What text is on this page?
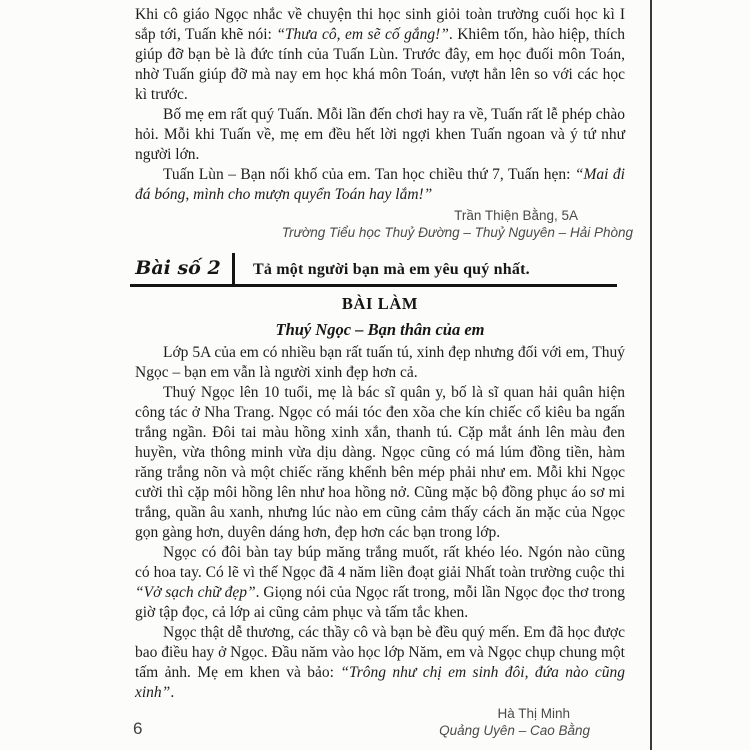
Khi cô giáo Ngọc nhắc về chuyện thi học sinh giỏi toàn trường cuối học kì I sắp tới, Tuấn khẽ nói: “Thưa cô, em sẽ cố gắng!”. Khiêm tốn, hào hiệp, thích giúp đỡ bạn bè là đức tính của Tuấn Lùn. Trước đây, em học đuối môn Toán, nhờ Tuấn giúp đỡ mà nay em học khá môn Toán, vượt hẳn lên so với các học kì trước.

Bố mẹ em rất quý Tuấn. Mỗi lần đến chơi hay ra về, Tuấn rất lễ phép chào hỏi. Mỗi khi Tuấn về, mẹ em đều hết lời ngợi khen Tuấn ngoan và ý tứ như người lớn.

Tuấn Lùn – Bạn nối khố của em. Tan học chiều thứ 7, Tuấn hẹn: “Mai đi đá bóng, mình cho mượn quyển Toán hay lắm!”

Trần Thiện Bằng, 5A
Trường Tiểu học Thuỷ Đường – Thuỷ Nguyên – Hải Phòng
Bài số 2	Tả một người bạn mà em yêu quý nhất.

BÀI LÀM

Thuý Ngọc – Bạn thân của em

Lớp 5A của em có nhiều bạn rất tuấn tú, xinh đẹp nhưng đối với em, Thuý Ngọc – bạn em vẫn là người xinh đẹp hơn cả.

Thuý Ngọc lên 10 tuổi, mẹ là bác sĩ quân y, bố là sĩ quan hải quân hiện công tác ở Nha Trang. Ngọc có mái tóc đen xõa che kín chiếc cổ kiêu ba ngấn trắng ngần. Đôi tai màu hồng xinh xắn, thanh tú. Cặp mắt ánh lên màu đen huyền, vừa thông minh vừa dịu dàng. Ngọc cũng có má lúm đồng tiền, hàm răng trắng nõn và một chiếc răng khểnh bên mép phải như em. Mỗi khi Ngọc cười thì cặp môi hồng lên như hoa hồng nở. Cũng mặc bộ đồng phục áo sơ mi trắng, quần âu xanh, nhưng lúc nào em cũng cảm thấy cách ăn mặc của Ngọc gọn gàng hơn, duyên dáng hơn, đẹp hơn các bạn trong lớp.

Ngọc có đôi bàn tay búp măng trắng muốt, rất khéo léo. Ngón nào cũng có hoa tay. Có lẽ vì thế Ngọc đã 4 năm liền đoạt giải Nhất toàn trường cuộc thi “Vở sạch chữ đẹp”. Giọng nói của Ngọc rất trong, mỗi lần Ngọc đọc thơ trong giờ tập đọc, cả lớp ai cũng cảm phục và tấm tắc khen.

Ngọc thật dễ thương, các thầy cô và bạn bè đều quý mến. Em đã học được bao điều hay ở Ngọc. Đầu năm vào học lớp Năm, em và Ngọc chụp chung một tấm ảnh. Mẹ em khen và bảo: “Trông như chị em sinh đôi, đứa nào cũng xinh”.

Hà Thị Minh
Quảng Uyên – Cao Bằng
6
